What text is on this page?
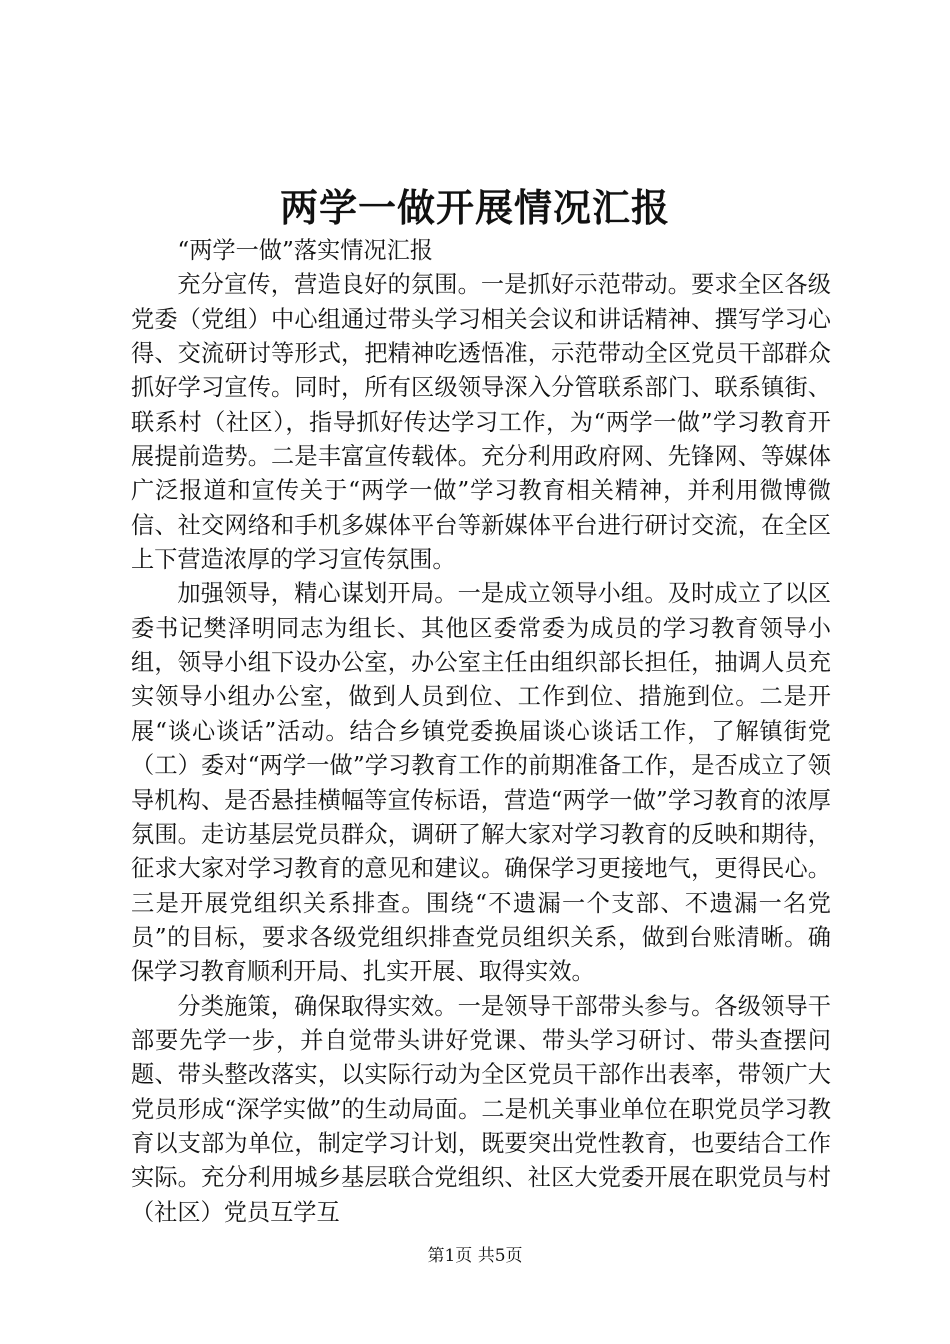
两学一做开展情况汇报

“两学一做”落实情况汇报

充分宣传，营造良好的氛围。一是抓好示范带动。要求全区各级党委（党组）中心组通过带头学习相关会议和讲话精神、撰写学习心得、交流研讨等形式，把精神吃透悟准，示范带动全区党员干部群众抓好学习宣传。同时，所有区级领导深入分管联系部门、联系镇街、联系村（社区），指导抓好传达学习工作，为“两学一做”学习教育开展提前造势。二是丰富宣传载体。充分利用政府网、先锋网、等媒体广泛报道和宣传关于“两学一做”学习教育相关精神，并利用微博微信、社交网络和手机多媒体平台等新媒体平台进行研讨交流，在全区上下营造浓厚的学习宣传氛围。

加强领导，精心谋划开局。一是成立领导小组。及时成立了以区委书记樊泽明同志为组长、其他区委常委为成员的学习教育领导小组，领导小组下设办公室，办公室主任由组织部长担任，抽调人员充实领导小组办公室，做到人员到位、工作到位、措施到位。二是开展“谈心谈话”活动。结合乡镇党委换届谈心谈话工作，了解镇街党（工）委对“两学一做”学习教育工作的前期准备工作，是否成立了领导机构、是否悬挂横幅等宣传标语，营造“两学一做”学习教育的浓厚氛围。走访基层党员群众，调研了解大家对学习教育的反映和期待，征求大家对学习教育的意见和建议。确保学习更接地气，更得民心。三是开展党组织关系排查。围绕“不遗漏一个支部、不遗漏一名党员”的目标，要求各级党组织排查党员组织关系，做到台账清晰。确保学习教育顺利开局、扎实开展、取得实效。

分类施策，确保取得实效。一是领导干部带头参与。各级领导干部要先学一步，并自觉带头讲好党课、带头学习研讨、带头查摆问题、带头整改落实，以实际行动为全区党员干部作出表率，带领广大党员形成“深学实做”的生动局面。二是机关事业单位在职党员学习教育以支部为单位，制定学习计划，既要突出党性教育，也要结合工作实际。充分利用城乡基层联合党组织、社区大党委开展在职党员与村（社区）党员互学互

第1页 共5页
